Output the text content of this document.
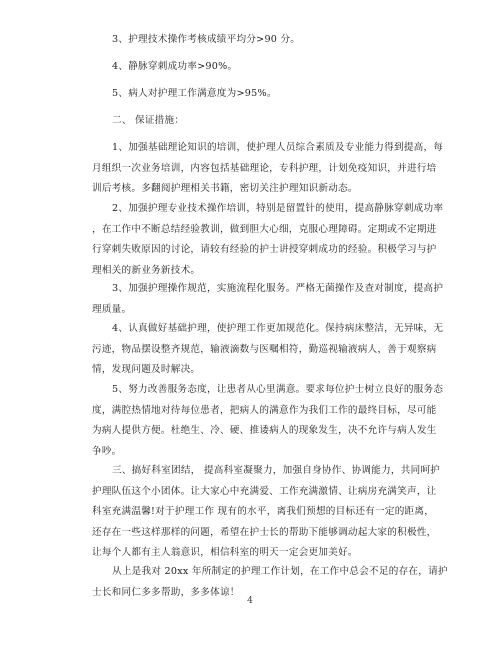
3、护理技术操作考核成绩平均分>90 分。
4、静脉穿刺成功率>90%。
5、病人对护理工作满意度为>95%。
二、 保证措施：
1、加强基础理论知识的培训，使护理人员综合素质及专业能力得到提高，每
月组织一次业务培训，内容包括基础理论，专科护理，计划免疫知识，并进行培
训后考核。多翻阅护理相关书籍，密切关注护理知识新动态。
2、加强护理专业技术操作培训，特别是留置针的使用，提高静脉穿刺成功率
，在工作中不断总结经验教训，做到胆大心细，克服心理障碍。定期或不定期进
行穿刺失败原因的讨论，请较有经验的护士讲授穿刺成功的经验。积极学习与护
理相关的新业务新技术。
3、加强护理操作规范，实施流程化服务。严格无菌操作及查对制度，提高护
理质量。
4、认真做好基础护理，使护理工作更加规范化。保持病床整洁，无异味，无
污迹，物品摆设整齐规范，输液滴数与医嘱相符，勤巡视输液病人，善于观察病
情，发现问题及时解决。
5、努力改善服务态度，让患者从心里满意。要求每位护士树立良好的服务态
度，满腔热情地对待每位患者，把病人的满意作为我们工作的最终目标，尽可能
为病人提供方便。杜绝生、冷、硬、推诿病人的现象发生，决不允许与病人发生
争吵。
三、搞好科室团结， 提高科室凝聚力，加强自身协作、协调能力，共同呵护
护理队伍这个小团体。让大家心中充满爱、工作充满激情、让病房充满笑声，让
科室充满温馨!对于护理工作 现有的水平，离我们预想的目标还有一定的距离，
还存在一些这样那样的问题，希望在护士长的帮助下能够调动起大家的积极性，
让每个人都有主人翁意识，相信科室的明天一定会更加美好。
从上是我对 20xx 年所制定的护理工作计划，在工作中总会不足的存在，请护
士长和同仁多多帮助，多多体谅！
4
